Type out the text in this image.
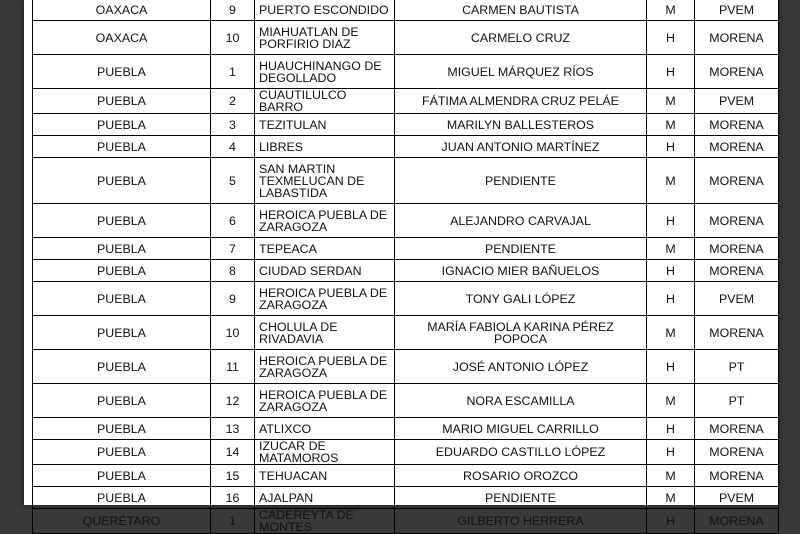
OAXACA	9	PUERTO ESCONDIDO	CARMEN BAUTISTA	M	PVEM
OAXACA	10	MIAHUATLAN DE PORFIRIO DIAZ	CARMELO CRUZ	H	MORENA
PUEBLA	1	HUAUCHINANGO DE DEGOLLADO	MIGUEL MÁRQUEZ RÍOS	H	MORENA
PUEBLA	2	CUAUTILULCO BARRO	FÁTIMA ALMENDRA CRUZ PELÁE	M	PVEM
PUEBLA	3	TEZITULAN	MARILYN BALLESTEROS	M	MORENA
PUEBLA	4	LIBRES	JUAN ANTONIO MARTÍNEZ	H	MORENA
PUEBLA	5	SAN MARTIN TEXMELUCAN DE LABASTIDA	PENDIENTE	M	MORENA
PUEBLA	6	HEROICA PUEBLA DE ZARAGOZA	ALEJANDRO CARVAJAL	H	MORENA
PUEBLA	7	TEPEACA	PENDIENTE	M	MORENA
PUEBLA	8	CIUDAD SERDAN	IGNACIO MIER BAÑUELOS	H	MORENA
PUEBLA	9	HEROICA PUEBLA DE ZARAGOZA	TONY GALI LÓPEZ	H	PVEM
PUEBLA	10	CHOLULA DE RIVADAVIA	MARÍA FABIOLA KARINA PÉREZ POPOCA	M	MORENA
PUEBLA	11	HEROICA PUEBLA DE ZARAGOZA	JOSÉ ANTONIO LÓPEZ	H	PT
PUEBLA	12	HEROICA PUEBLA DE ZARAGOZA	NORA ESCAMILLA	M	PT
PUEBLA	13	ATLIXCO	MARIO MIGUEL CARRILLO	H	MORENA
PUEBLA	14	IZUCAR DE MATAMOROS	EDUARDO CASTILLO LÓPEZ	H	MORENA
PUEBLA	15	TEHUACAN	ROSARIO OROZCO	M	MORENA
PUEBLA	16	AJALPAN	PENDIENTE	M	PVEM
QUERÉTARO	1	CADEREYTA DE MONTES	GILBERTO HERRERA	H	MORENA
